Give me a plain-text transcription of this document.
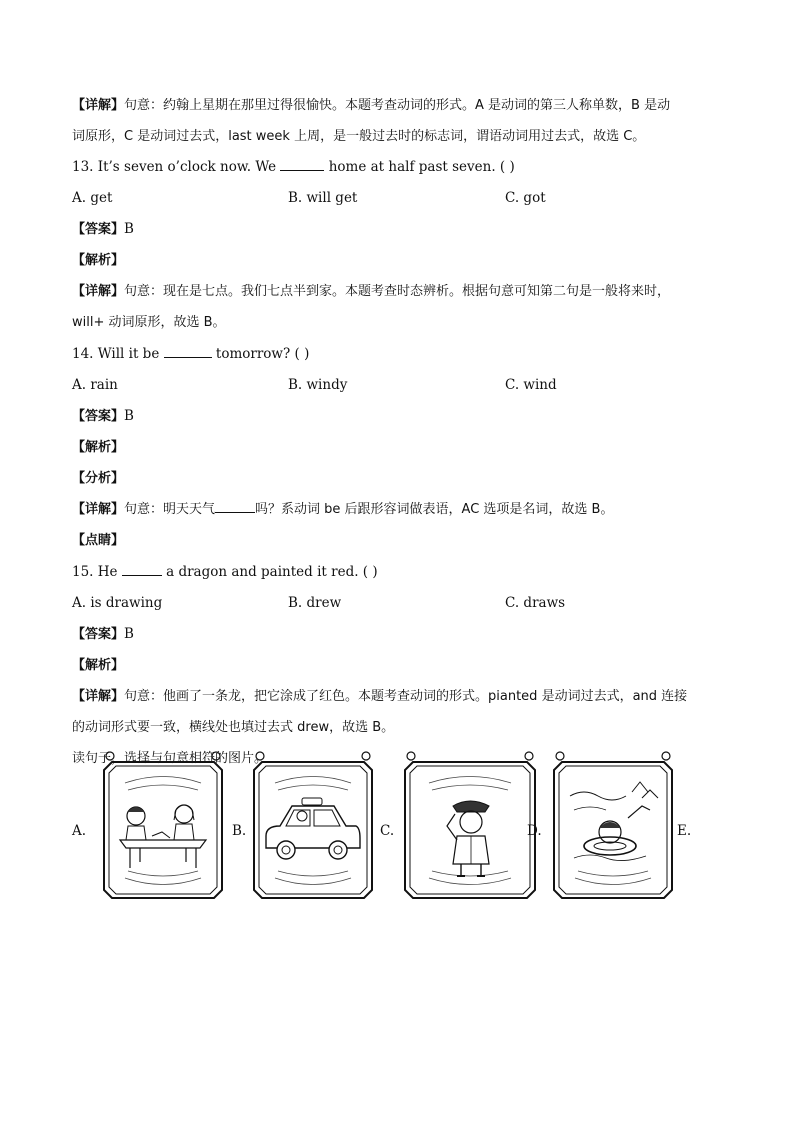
【详解】句意：约翰上星期在那里过得很愉快。本题考查动词的形式。A 是动词的第三人称单数，B 是动
词原形，C 是动词过去式，last week 上周，是一般过去时的标志词，谓语动词用过去式，故选 C。
13. It’s seven o’clock now. We	home at half past seven. ( )
A. get	B. will get	C. got
【答案】B
【解析】
【详解】句意：现在是七点。我们七点半到家。本题考查时态辨析。根据句意可知第二句是一般将来时，
will+ 动词原形，故选 B。
14. Will it be	tomorrow? ( )
A. rain	B. windy	C. wind
【答案】B
【解析】
【分析】
【详解】句意：明天天气	吗？系动词 be 后跟形容词做表语，AC 选项是名词，故选 B。
【点睛】
15. He	a dragon and painted it red. ( )
A. is drawing	B. drew	C. draws
【答案】B
【解析】
【详解】句意：他画了一条龙，把它涂成了红色。本题考查动词的形式。pianted 是动词过去式，and 连接
的动词形式要一致，横线处也填过去式 drew，故选 B。
读句子，选择与句意相符的图片。
A.	B.	C.	D.	E.
